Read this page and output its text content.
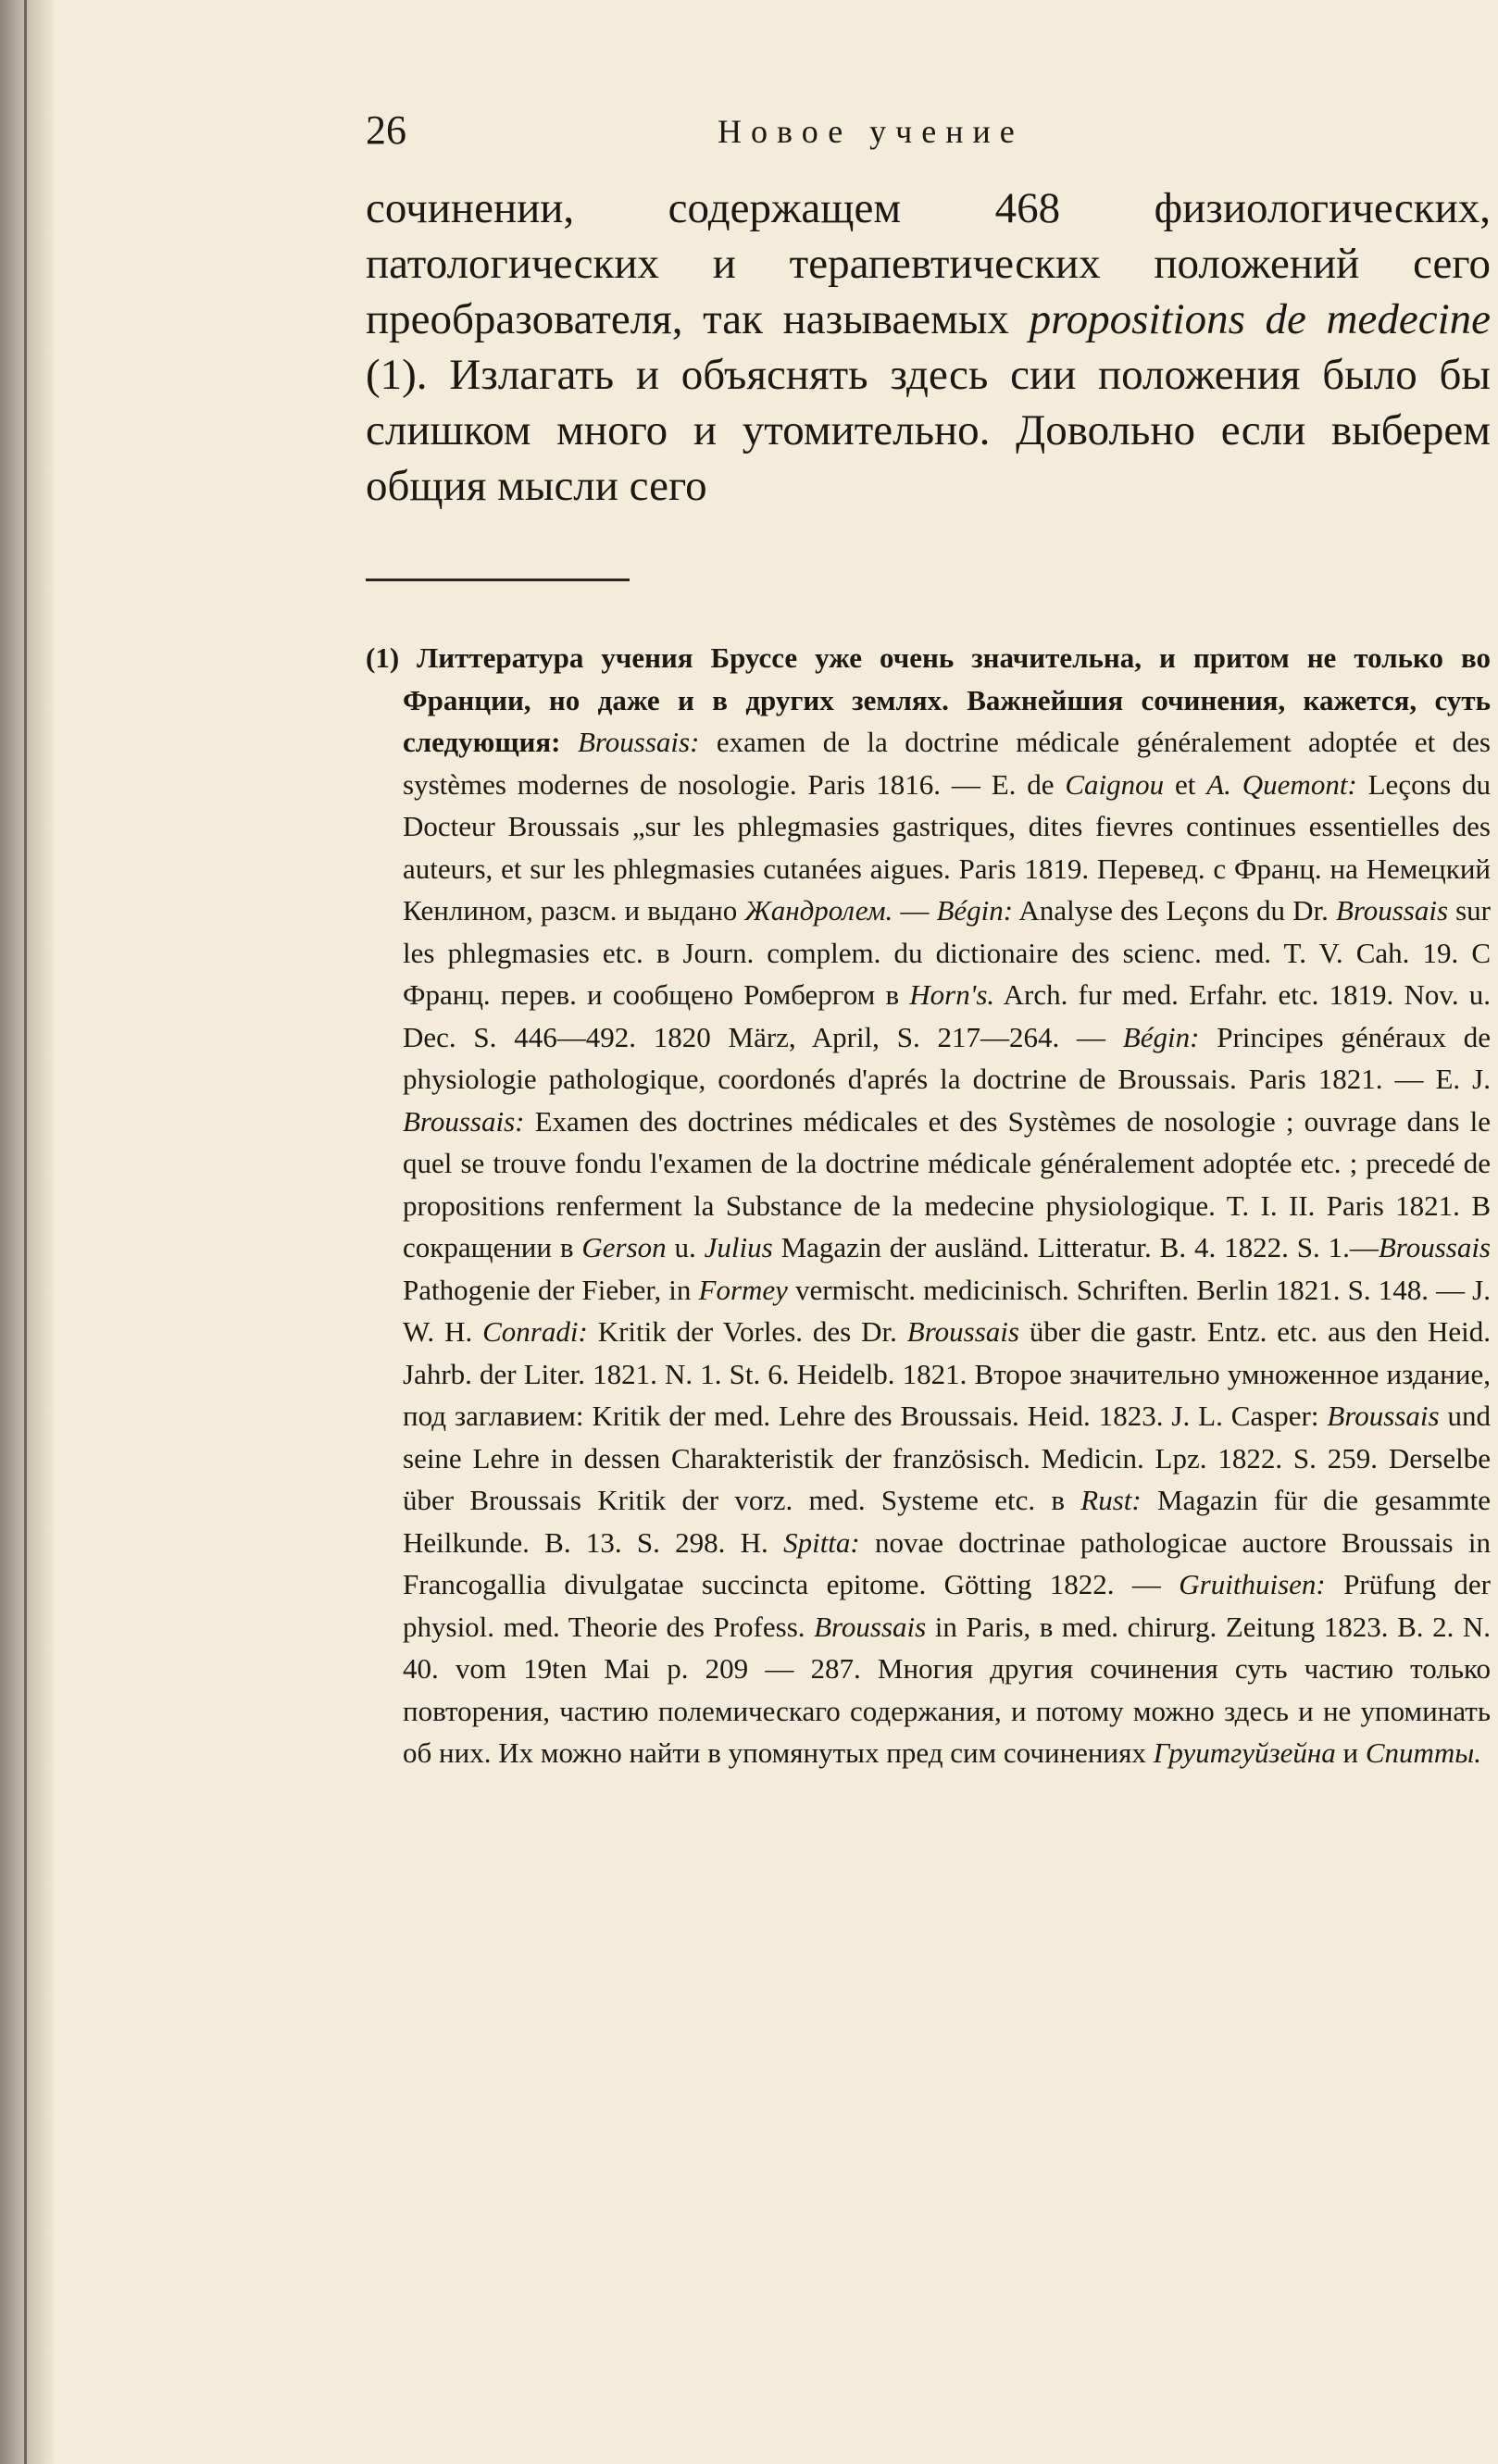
26	Новое учение
сочинении, содержащем 468 физиологических, патологических и терапевтических положений сего преобразователя, так называемых propositions de medecine (1). Излагать и объяснять здесь сии положения было бы слишком много и утомительно. Довольно если выберем общия мысли сего

(1) Литтература учения Бруссе уже очень значительна, и притом не только во Франции, но даже и в других землях. Важнейшия сочинения, кажется, суть следующия: Broussais: examen de la doctrine médicale généralement adoptée et des systèmes modernes de nosologie. Paris 1816. — E. de Caignou et A. Quemont: Leçons du Docteur Broussais „sur les phlegmasies gastriques, dites fievres continues essentielles des auteurs, et sur les phlegmasies cutanées aigues. Paris 1819. Перевед. с Франц. на Немецкий Кенлином, разсм. и выдано Жандролем. — Bégin: Analyse des Leçons du Dr. Broussais sur les phlegmasies etc. в Journ. complem. du dictionaire des scienc. med. T. V. Cah. 19. С Франц. перев. и сообщено Ромбергом в Horn's. Arch. fur med. Erfahr. etc. 1819. Nov. u. Dec. S. 446—492. 1820 März, April, S. 217—264. — Bégin: Principes généraux de physiologie pathologique, coordonés d'aprés la doctrine de Broussais. Paris 1821. — E. J. Broussais: Examen des doctrines médicales et des Systèmes de nosologie ; ouvrage dans le quel se trouve fondu l'examen de la doctrine médicale généralement adoptée etc. ; precedé de propositions renferment la Substance de la medecine physiologique. T. I. II. Paris 1821. В сокращении в Gerson u. Julius Magazin der ausländ. Litteratur. B. 4. 1822. S. 1.—Broussais Pathogenie der Fieber, in Formey vermischt. medicinisch. Schriften. Berlin 1821. S. 148. — J. W. H. Conradi: Kritik der Vorles. des Dr. Broussais über die gastr. Entz. etc. aus den Heid. Jahrb. der Liter. 1821. N. 1. St. 6. Heidelb. 1821. Второе значительно умноженное издание, под заглавием: Kritik der med. Lehre des Broussais. Heid. 1823. J. L. Casper: Broussais und seine Lehre in dessen Charakteristik der französisch. Medicin. Lpz. 1822. S. 259. Derselbe über Broussais Kritik der vorz. med. Systeme etc. в Rust: Magazin für die gesammte Heilkunde. B. 13. S. 298. H. Spitta: novae doctrinae pathologicae auctore Broussais in Francogallia divulgatae succincta epitome. Götting 1822. — Gruithuisen: Prüfung der physiol. med. Theorie des Profess. Broussais in Paris, в med. chirurg. Zeitung 1823. B. 2. N. 40. vom 19ten Mai p. 209 — 287. Многия другия сочинения суть частию только повторения, частию полемическаго содержания, и потому можно здесь и не упоминать об них. Их можно найти в упомянутых пред сим сочинениях Груитгуйзейна и Спитты.
